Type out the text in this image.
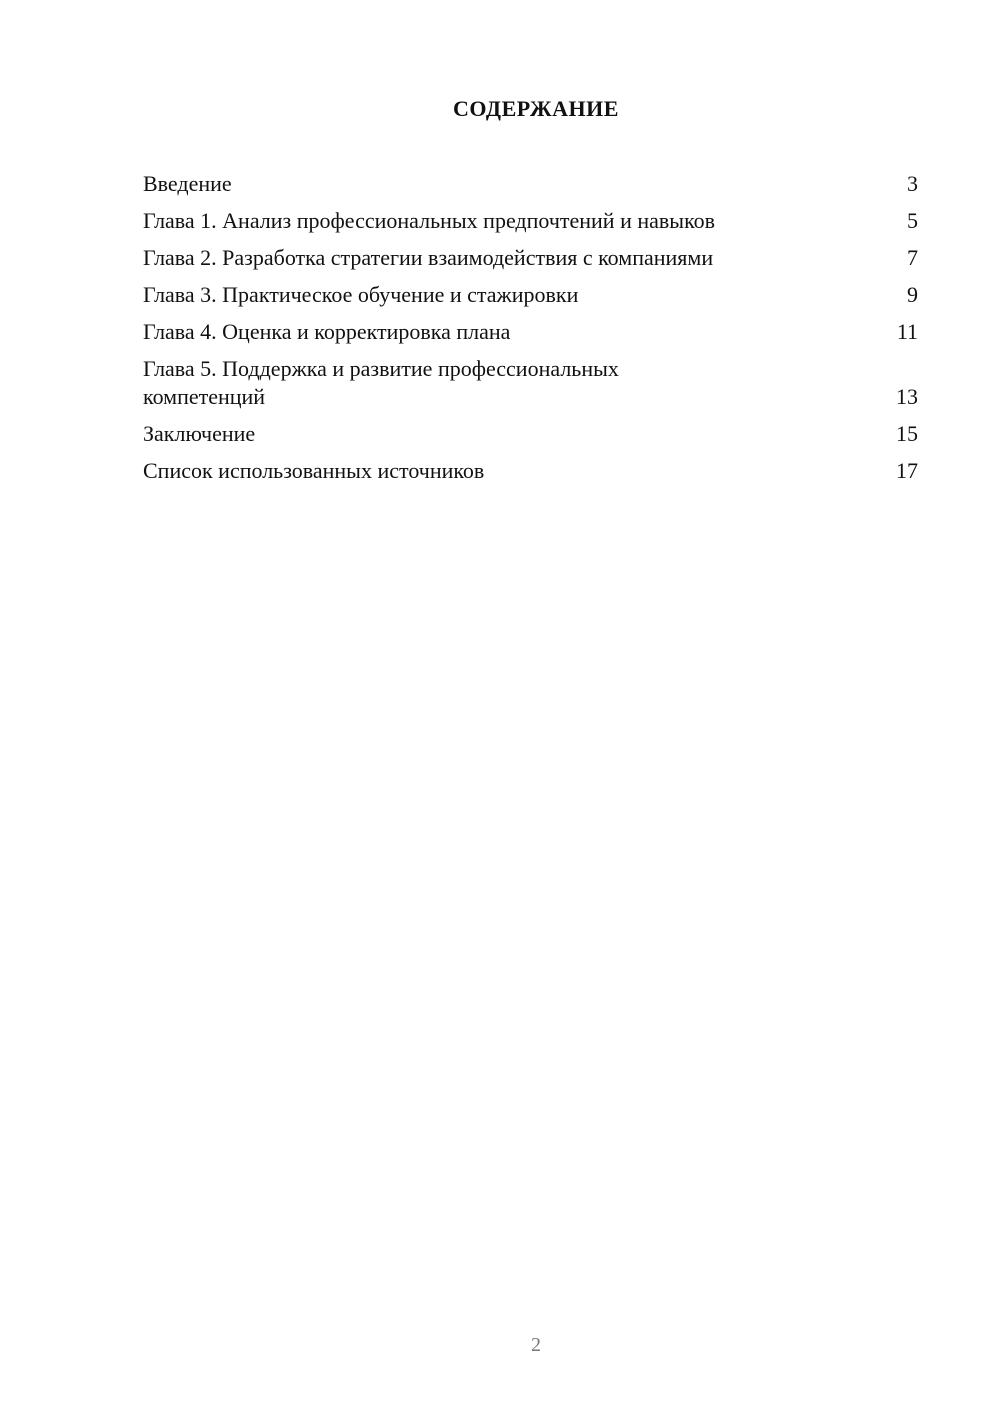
СОДЕРЖАНИЕ
Введение	3
Глава 1. Анализ профессиональных предпочтений и навыков	5
Глава 2. Разработка стратегии взаимодействия с компаниями	7
Глава 3. Практическое обучение и стажировки	9
Глава 4. Оценка и корректировка плана	11
Глава 5. Поддержка и развитие профессиональных компетенций	13
Заключение	15
Список использованных источников	17
2
